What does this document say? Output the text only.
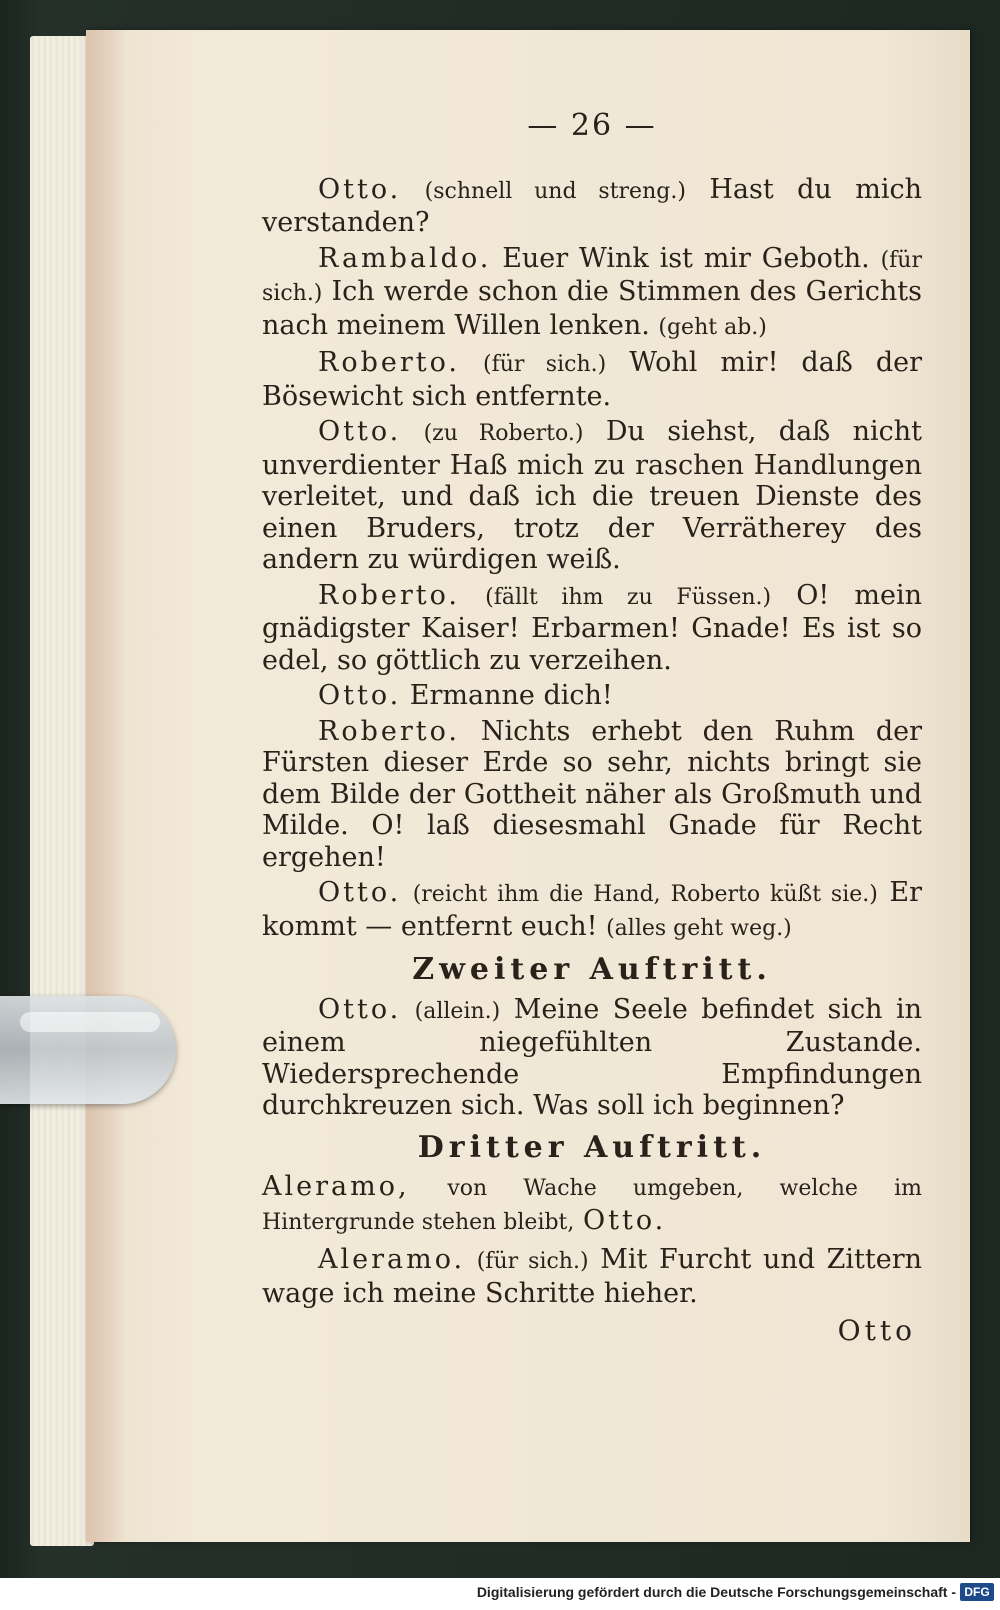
— 26 —

Otto. (schnell und streng.) Hast du mich verstanden?

Rambaldo. Euer Wink ist mir Geboth. (für sich.) Ich werde schon die Stimmen des Gerichts nach meinem Willen lenken. (geht ab.)

Roberto. (für sich.) Wohl mir! daß der Bösewicht sich entfernte.

Otto. (zu Roberto.) Du siehst, daß nicht unverdienter Haß mich zu raschen Handlungen verleitet, und daß ich die treuen Dienste des einen Bruders, trotz der Verrätherey des andern zu würdigen weiß.

Roberto. (fällt ihm zu Füssen.) O! mein gnädigster Kaiser! Erbarmen! Gnade! Es ist so edel, so göttlich zu verzeihen.

Otto. Ermanne dich!

Roberto. Nichts erhebt den Ruhm der Fürsten dieser Erde so sehr, nichts bringt sie dem Bilde der Gottheit näher als Großmuth und Milde. O! laß diesesmahl Gnade für Recht ergehen!

Otto. (reicht ihm die Hand, Roberto küßt sie.) Er kommt — entfernt euch! (alles geht weg.)

Zweiter Auftritt.

Otto. (allein.) Meine Seele befindet sich in einem niegefühlten Zustande. Wiedersprechende Empfindungen durchkreuzen sich. Was soll ich beginnen?

Dritter Auftritt.

Aleramo, von Wache umgeben, welche im Hintergrunde stehen bleibt, Otto.

Aleramo. (für sich.) Mit Furcht und Zittern wage ich meine Schritte hieher.

Otto
Digitalisierung gefördert durch die Deutsche Forschungsgemeinschaft - DFG
